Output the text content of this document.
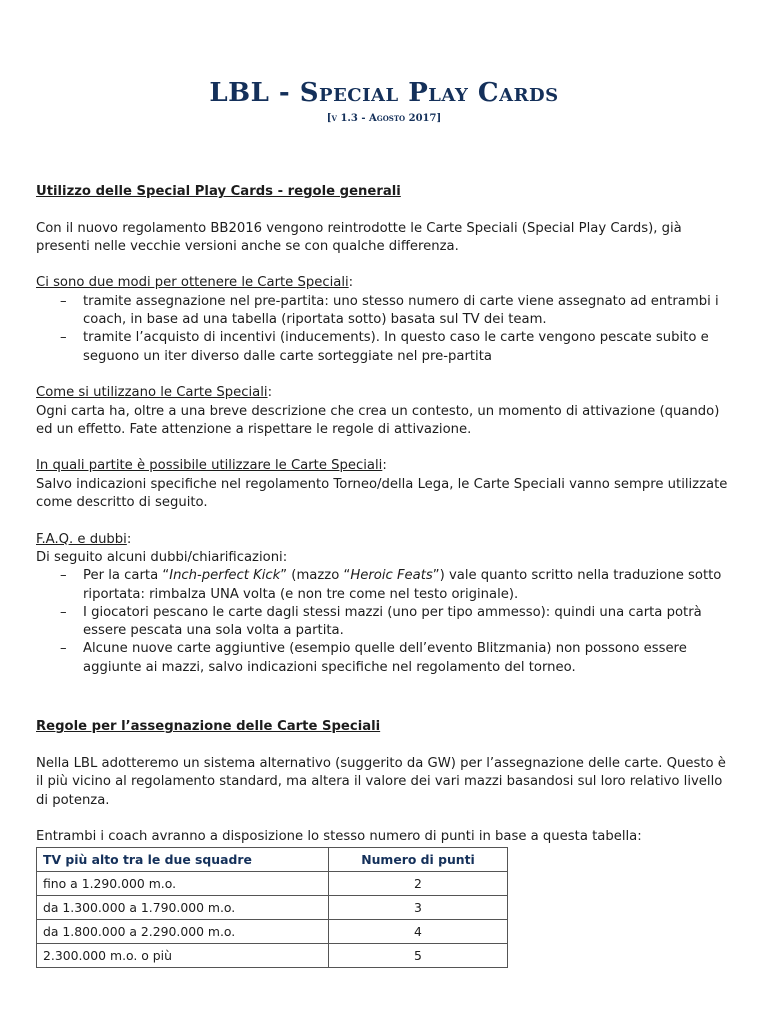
LBL - Special Play Cards
[v 1.3 - Agosto 2017]

Utilizzo delle Special Play Cards - regole generali

Con il nuovo regolamento BB2016 vengono reintrodotte le Carte Speciali (Special Play Cards), già presenti nelle vecchie versioni anche se con qualche differenza.

Ci sono due modi per ottenere le Carte Speciali:

– tramite assegnazione nel pre-partita: uno stesso numero di carte viene assegnato ad entrambi i coach, in base ad una tabella (riportata sotto) basata sul TV dei team.
– tramite l’acquisto di incentivi (inducements). In questo caso le carte vengono pescate subito e seguono un iter diverso dalle carte sorteggiate nel pre-partita

Come si utilizzano le Carte Speciali:

Ogni carta ha, oltre a una breve descrizione che crea un contesto, un momento di attivazione (quando) ed un effetto. Fate attenzione a rispettare le regole di attivazione.

In quali partite è possibile utilizzare le Carte Speciali:

Salvo indicazioni specifiche nel regolamento Torneo/della Lega, le Carte Speciali vanno sempre utilizzate come descritto di seguito.

F.A.Q. e dubbi:

Di seguito alcuni dubbi/chiarificazioni:

– Per la carta “Inch-perfect Kick” (mazzo “Heroic Feats”) vale quanto scritto nella traduzione sotto riportata: rimbalza UNA volta (e non tre come nel testo originale).
– I giocatori pescano le carte dagli stessi mazzi (uno per tipo ammesso): quindi una carta potrà essere pescata una sola volta a partita.
– Alcune nuove carte aggiuntive (esempio quelle dell’evento Blitzmania) non possono essere aggiunte ai mazzi, salvo indicazioni specifiche nel regolamento del torneo.

Regole per l’assegnazione delle Carte Speciali

Nella LBL adotteremo un sistema alternativo (suggerito da GW) per l’assegnazione delle carte. Questo è il più vicino al regolamento standard, ma altera il valore dei vari mazzi basandosi sul loro relativo livello di potenza.

Entrambi i coach avranno a disposizione lo stesso numero di punti in base a questa tabella:

TV più alto tra le due squadre	Numero di punti
fino a 1.290.000 m.o.	2
da 1.300.000 a 1.790.000 m.o.	3
da 1.800.000 a 2.290.000 m.o.	4
2.300.000 m.o. o più	5
